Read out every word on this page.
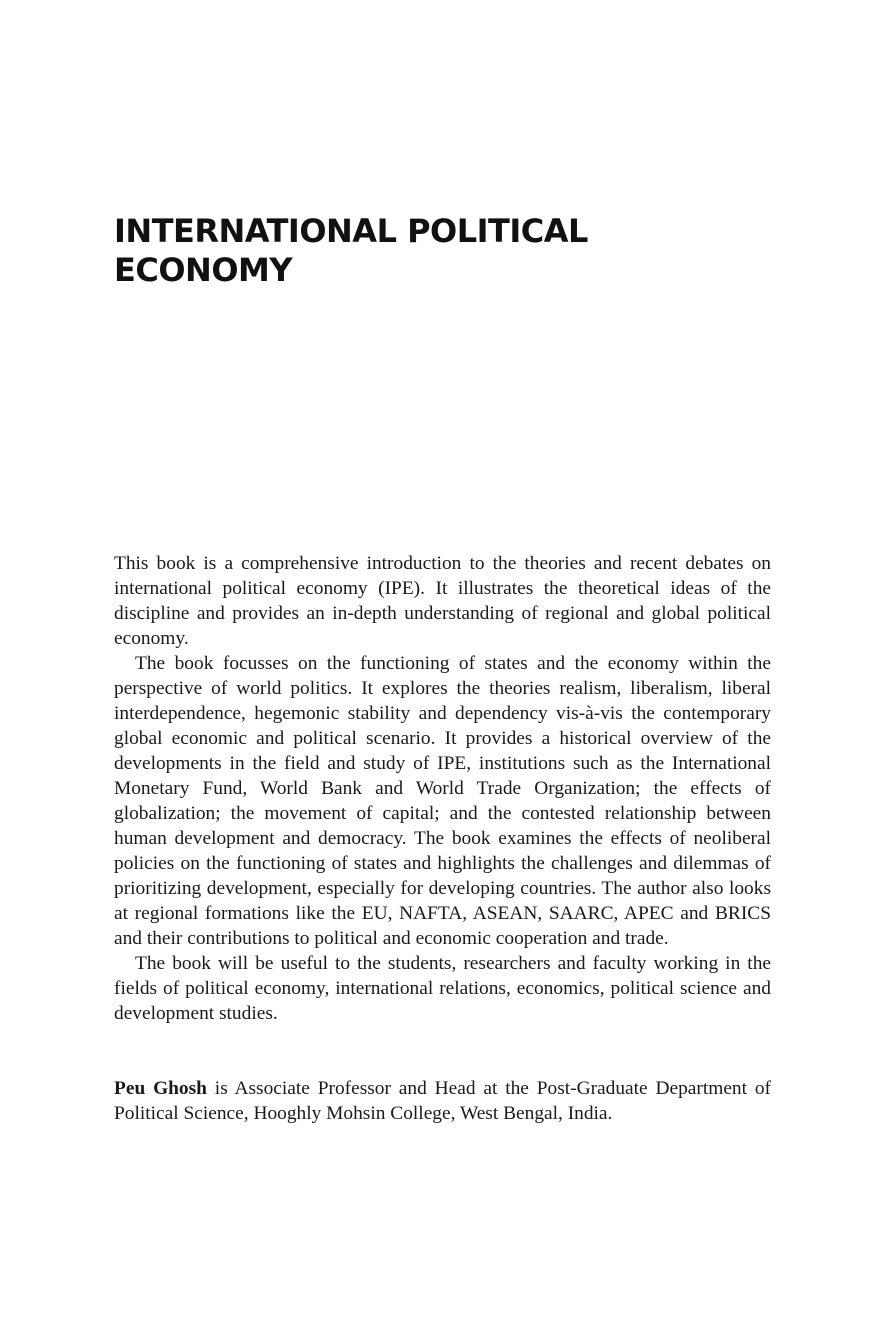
INTERNATIONAL POLITICAL
ECONOMY

This book is a comprehensive introduction to the theories and recent debates on international political economy (IPE). It illustrates the theoretical ideas of the discipline and provides an in-depth understanding of regional and global political economy.

The book focusses on the functioning of states and the economy within the perspective of world politics. It explores the theories realism, liberalism, liberal interdependence, hegemonic stability and dependency vis-à-vis the contemporary global economic and political scenario. It provides a historical overview of the developments in the field and study of IPE, institutions such as the International Monetary Fund, World Bank and World Trade Organization; the effects of globalization; the movement of capital; and the contested relationship between human development and democracy. The book examines the effects of neoliberal policies on the functioning of states and highlights the challenges and dilemmas of prioritizing development, especially for developing countries. The author also looks at regional formations like the EU, NAFTA, ASEAN, SAARC, APEC and BRICS and their contributions to political and economic cooperation and trade.

The book will be useful to the students, researchers and faculty working in the fields of political economy, international relations, economics, political science and development studies.

Peu Ghosh is Associate Professor and Head at the Post-Graduate Department of Political Science, Hooghly Mohsin College, West Bengal, India.
